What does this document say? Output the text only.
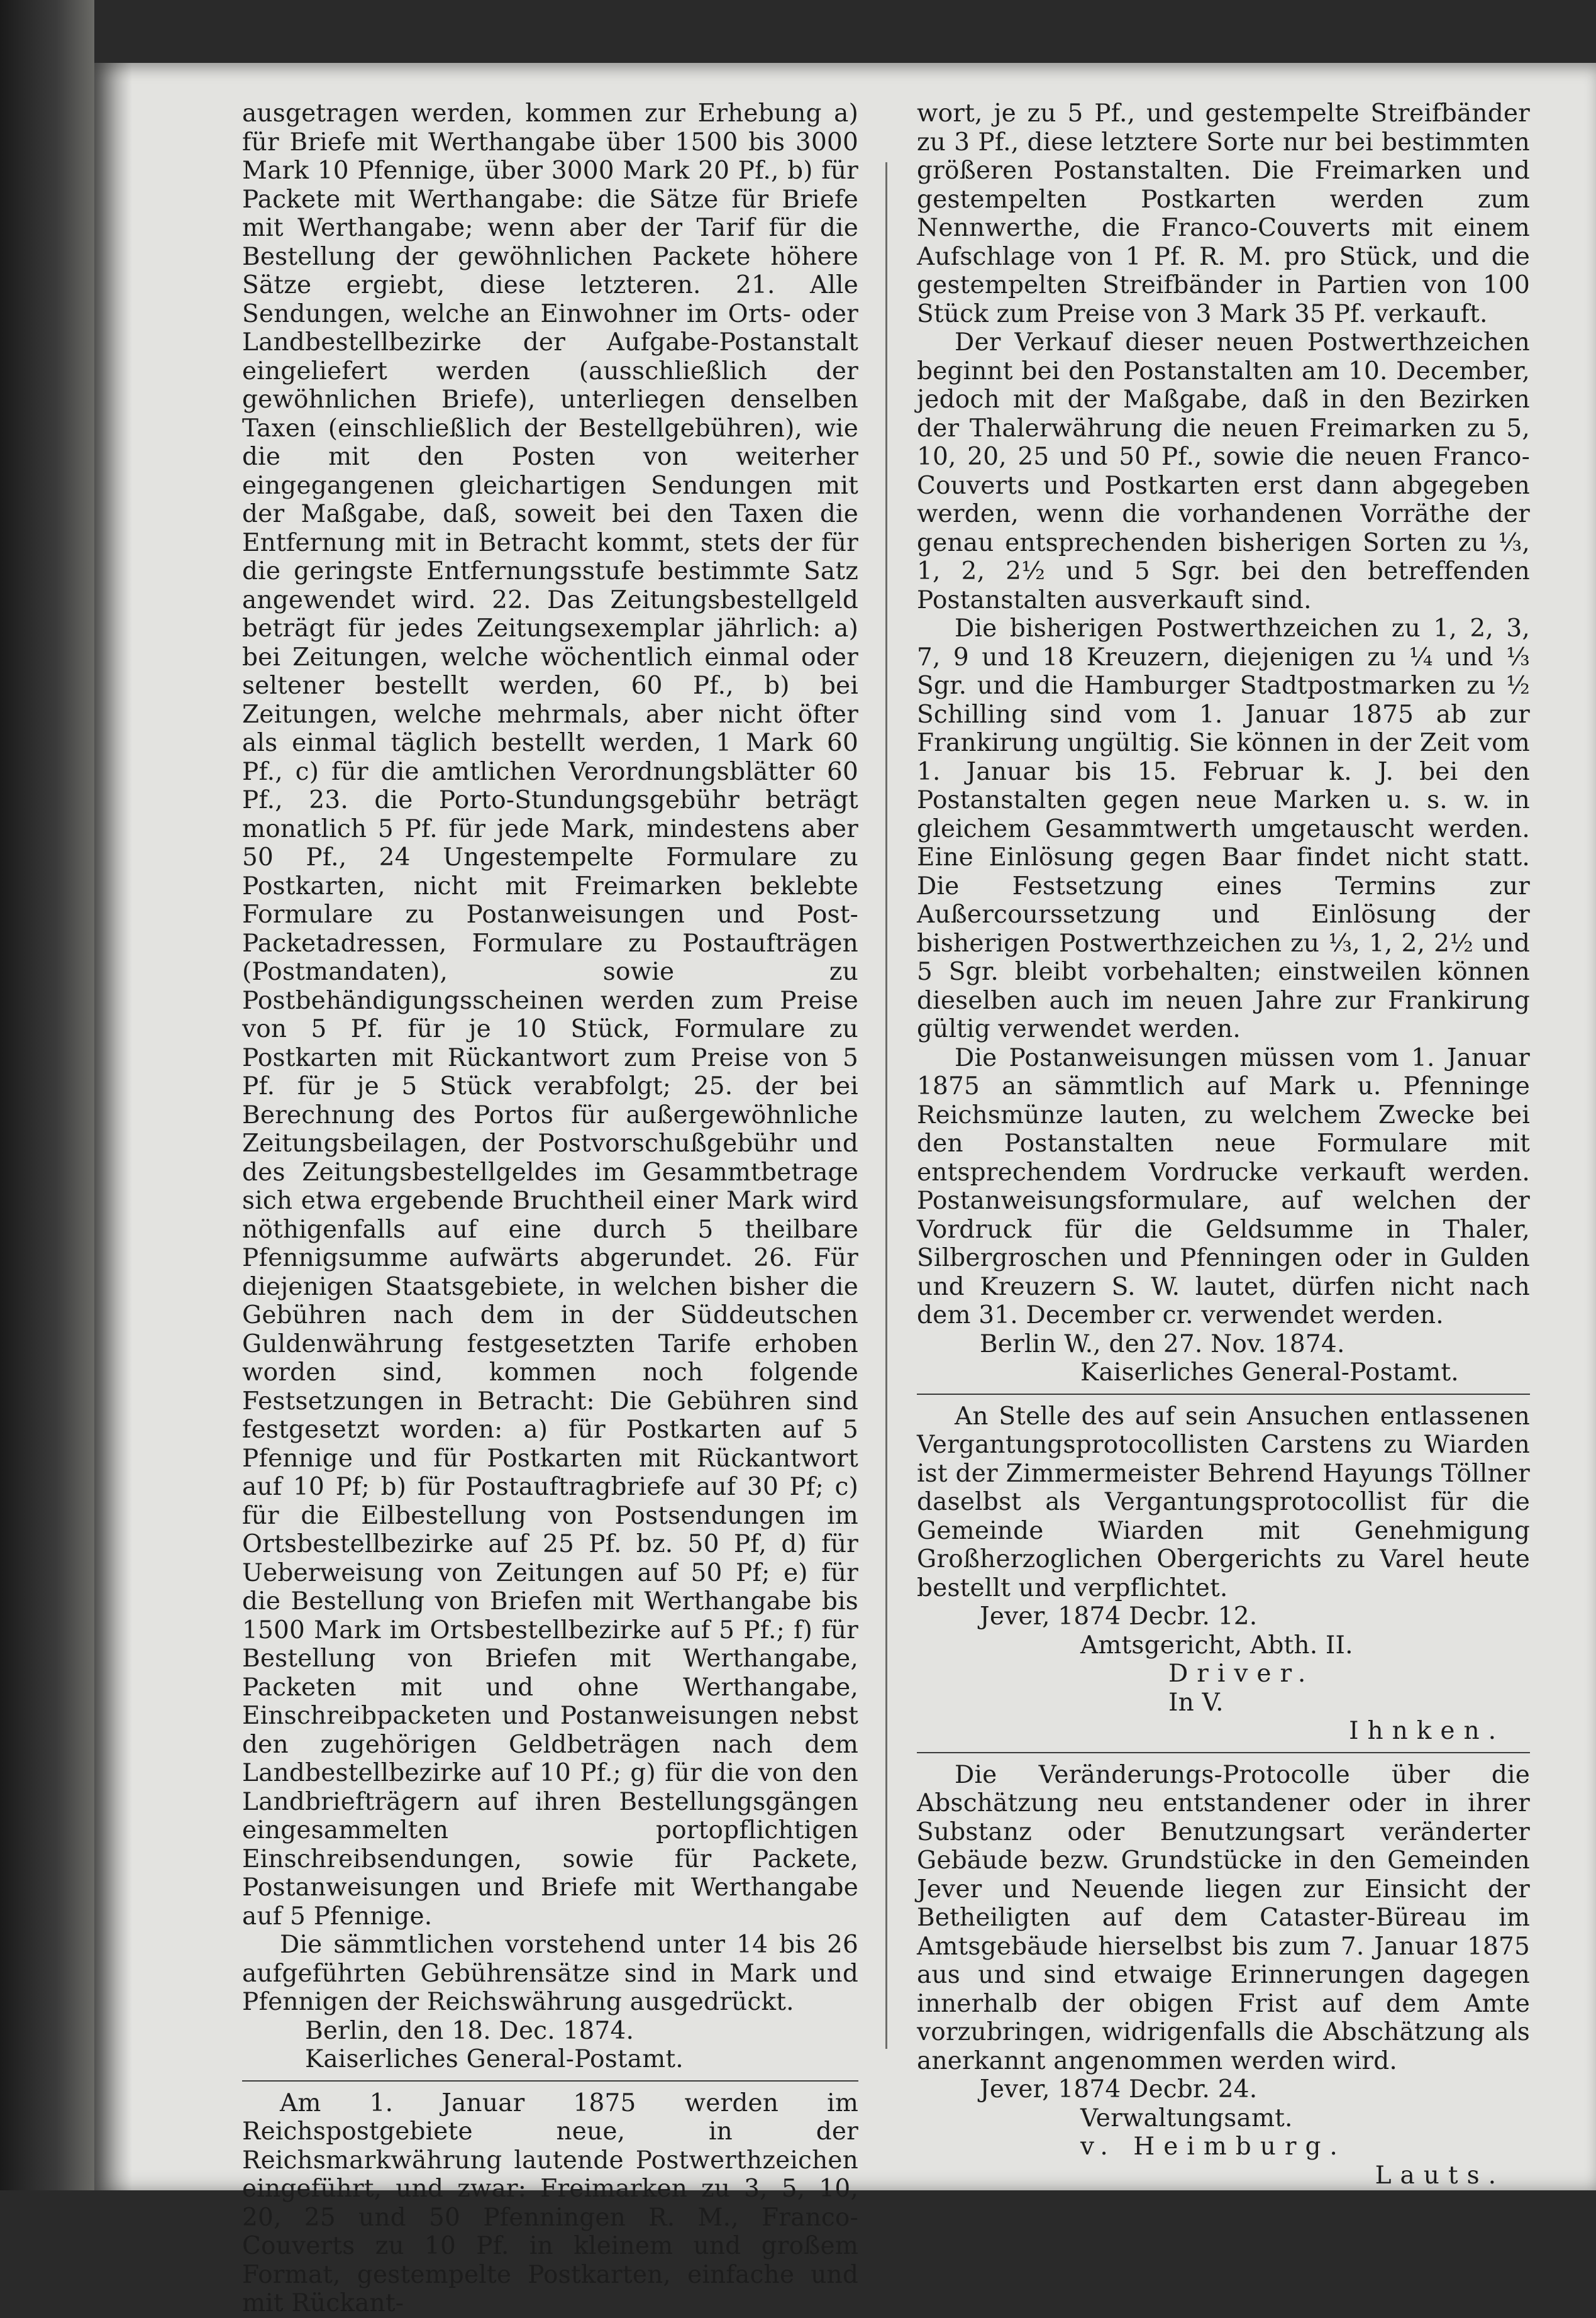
ausgetragen werden, kommen zur Erhebung a) für Briefe mit Werthangabe über 1500 bis 3000 Mark 10 Pfennige, über 3000 Mark 20 Pf., b) für Packete mit Werthangabe: die Sätze für Briefe mit Werthangabe; wenn aber der Tarif für die Bestellung der gewöhnlichen Packete höhere Sätze ergiebt, diese letzteren. 21. Alle Sendungen, welche an Einwohner im Orts- oder Landbestellbezirke der Aufgabe-Postanstalt eingeliefert werden (ausschließlich der gewöhnlichen Briefe), unterliegen denselben Taxen (einschließlich der Bestellgebühren), wie die mit den Posten von weiterher eingegangenen gleichartigen Sendungen mit der Maßgabe, daß, soweit bei den Taxen die Entfernung mit in Betracht kommt, stets der für die geringste Entfernungsstufe bestimmte Satz angewendet wird. 22. Das Zeitungsbestellgeld beträgt für jedes Zeitungsexemplar jährlich: a) bei Zeitungen, welche wöchentlich einmal oder seltener bestellt werden, 60 Pf., b) bei Zeitungen, welche mehrmals, aber nicht öfter als einmal täglich bestellt werden, 1 Mark 60 Pf., c) für die amtlichen Verordnungsblätter 60 Pf., 23. die Porto-Stundungsgebühr beträgt monatlich 5 Pf. für jede Mark, mindestens aber 50 Pf., 24 Ungestempelte Formulare zu Postkarten, nicht mit Freimarken beklebte Formulare zu Postanweisungen und Post-Packetadressen, Formulare zu Postaufträgen (Postmandaten), sowie zu Postbehändigungsscheinen werden zum Preise von 5 Pf. für je 10 Stück, Formulare zu Postkarten mit Rückantwort zum Preise von 5 Pf. für je 5 Stück verabfolgt; 25. der bei Berechnung des Portos für außergewöhnliche Zeitungsbeilagen, der Postvorschußgebühr und des Zeitungsbestellgeldes im Gesammtbetrage sich etwa ergebende Bruchtheil einer Mark wird nöthigenfalls auf eine durch 5 theilbare Pfennigsumme aufwärts abgerundet. 26. Für diejenigen Staatsgebiete, in welchen bisher die Gebühren nach dem in der Süddeutschen Guldenwährung festgesetzten Tarife erhoben worden sind, kommen noch folgende Festsetzungen in Betracht: Die Gebühren sind festgesetzt worden: a) für Postkarten auf 5 Pfennige und für Postkarten mit Rückantwort auf 10 Pf; b) für Postauftragbriefe auf 30 Pf; c) für die Eilbestellung von Postsendungen im Ortsbestellbezirke auf 25 Pf. bz. 50 Pf, d) für Ueberweisung von Zeitungen auf 50 Pf; e) für die Bestellung von Briefen mit Werthangabe bis 1500 Mark im Ortsbestellbezirke auf 5 Pf.; f) für Bestellung von Briefen mit Werthangabe, Packeten mit und ohne Werthangabe, Einschreibpacketen und Postanweisungen nebst den zugehörigen Geldbeträgen nach dem Landbestellbezirke auf 10 Pf.; g) für die von den Landbriefträgern auf ihren Bestellungsgängen eingesammelten portopflichtigen Einschreibsendungen, sowie für Packete, Postanweisungen und Briefe mit Werthangabe auf 5 Pfennige.

Die sämmtlichen vorstehend unter 14 bis 26 aufgeführten Gebührensätze sind in Mark und Pfennigen der Reichswährung ausgedrückt.

Berlin, den 18. Dec. 1874.

Kaiserliches General-Postamt.

Am 1. Januar 1875 werden im Reichspostgebiete neue, in der Reichsmarkwährung lautende Postwerthzeichen eingeführt, und zwar: Freimarken zu 3, 5, 10, 20, 25 und 50 Pfenningen R. M., Franco-Couverts zu 10 Pf. in kleinem und großem Format, gestempelte Postkarten, einfache und mit Rückant-

wort, je zu 5 Pf., und gestempelte Streifbänder zu 3 Pf., diese letztere Sorte nur bei bestimmten größeren Postanstalten. Die Freimarken und gestempelten Postkarten werden zum Nennwerthe, die Franco-Couverts mit einem Aufschlage von 1 Pf. R. M. pro Stück, und die gestempelten Streifbänder in Partien von 100 Stück zum Preise von 3 Mark 35 Pf. verkauft.

Der Verkauf dieser neuen Postwerthzeichen beginnt bei den Postanstalten am 10. December, jedoch mit der Maßgabe, daß in den Bezirken der Thalerwährung die neuen Freimarken zu 5, 10, 20, 25 und 50 Pf., sowie die neuen Franco-Couverts und Postkarten erst dann abgegeben werden, wenn die vorhandenen Vorräthe der genau entsprechenden bisherigen Sorten zu ⅓, 1, 2, 2½ und 5 Sgr. bei den betreffenden Postanstalten ausverkauft sind.

Die bisherigen Postwerthzeichen zu 1, 2, 3, 7, 9 und 18 Kreuzern, diejenigen zu ¼ und ⅓ Sgr. und die Hamburger Stadtpostmarken zu ½ Schilling sind vom 1. Januar 1875 ab zur Frankirung ungültig. Sie können in der Zeit vom 1. Januar bis 15. Februar k. J. bei den Postanstalten gegen neue Marken u. s. w. in gleichem Gesammtwerth umgetauscht werden. Eine Einlösung gegen Baar findet nicht statt. Die Festsetzung eines Termins zur Außercourssetzung und Einlösung der bisherigen Postwerthzeichen zu ⅓, 1, 2, 2½ und 5 Sgr. bleibt vorbehalten; einstweilen können dieselben auch im neuen Jahre zur Frankirung gültig verwendet werden.

Die Postanweisungen müssen vom 1. Januar 1875 an sämmtlich auf Mark u. Pfenninge Reichsmünze lauten, zu welchem Zwecke bei den Postanstalten neue Formulare mit entsprechendem Vordrucke verkauft werden. Postanweisungsformulare, auf welchen der Vordruck für die Geldsumme in Thaler, Silbergroschen und Pfenningen oder in Gulden und Kreuzern S. W. lautet, dürfen nicht nach dem 31. December cr. verwendet werden.

Berlin W., den 27. Nov. 1874.

Kaiserliches General-Postamt.

An Stelle des auf sein Ansuchen entlassenen Vergantungsprotocollisten Carstens zu Wiarden ist der Zimmermeister Behrend Hayungs Töllner daselbst als Vergantungsprotocollist für die Gemeinde Wiarden mit Genehmigung Großherzoglichen Obergerichts zu Varel heute bestellt und verpflichtet.

Jever, 1874 Decbr. 12.

Amtsgericht, Abth. II.

Driver.

In V.

Ihnken.

Die Veränderungs-Protocolle über die Abschätzung neu entstandener oder in ihrer Substanz oder Benutzungsart veränderter Gebäude bezw. Grundstücke in den Gemeinden Jever und Neuende liegen zur Einsicht der Betheiligten auf dem Cataster-Büreau im Amtsgebäude hierselbst bis zum 7. Januar 1875 aus und sind etwaige Erinnerungen dagegen innerhalb der obigen Frist auf dem Amte vorzubringen, widrigenfalls die Abschätzung als anerkannt angenommen werden wird.

Jever, 1874 Decbr. 24.

Verwaltungsamt.

v. Heimburg.

Lauts.
